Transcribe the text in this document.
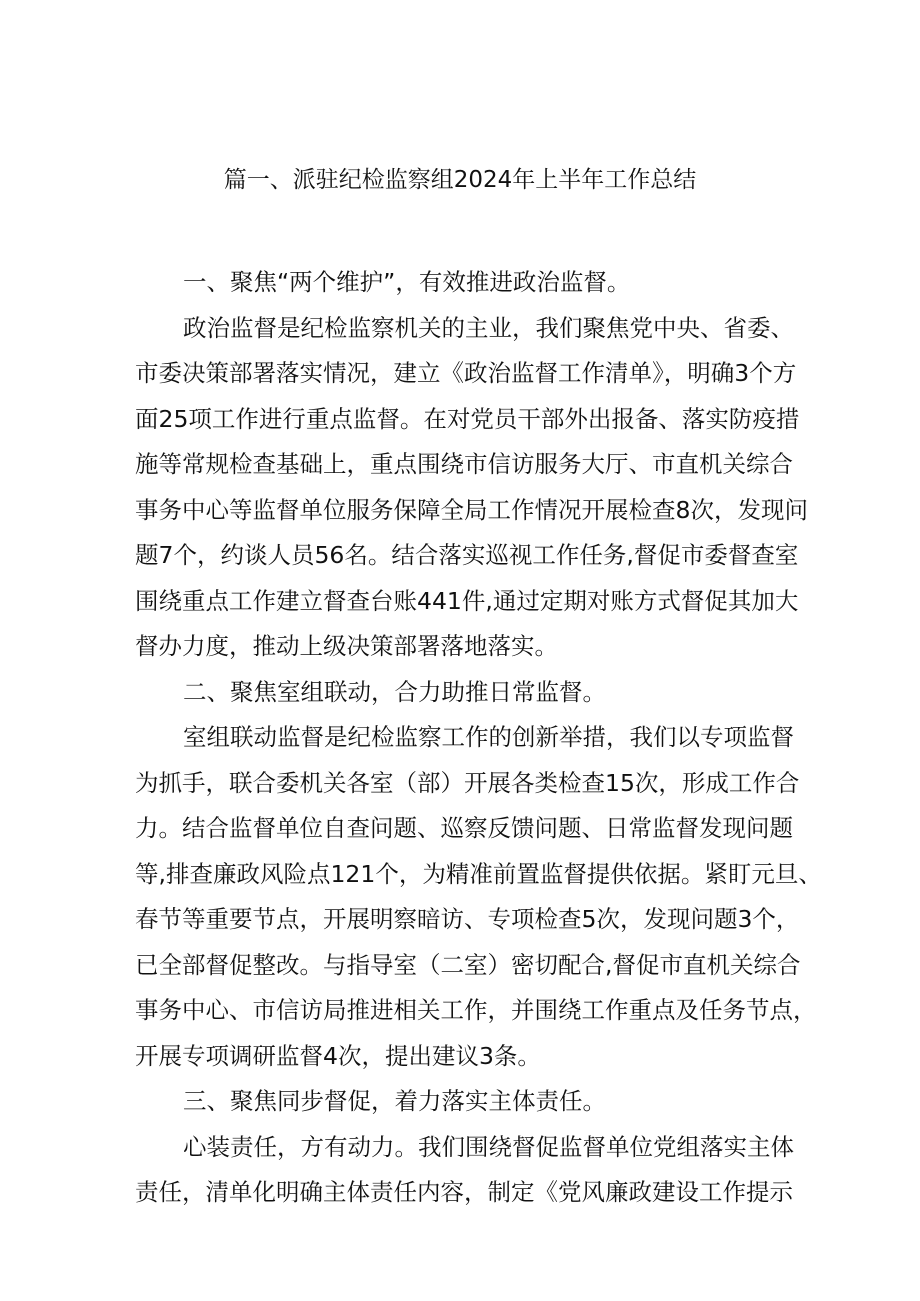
篇一、派驻纪检监察组2024年上半年工作总结
一、聚焦“两个维护”，有效推进政治监督。
政治监督是纪检监察机关的主业，我们聚焦党中央、省委、
市委决策部署落实情况，建立《政治监督工作清单》，明确3个方
面25项工作进行重点监督。在对党员干部外出报备、落实防疫措
施等常规检查基础上，重点围绕市信访服务大厅、市直机关综合
事务中心等监督单位服务保障全局工作情况开展检查8次，发现问
题7个，约谈人员56名。结合落实巡视工作任务,督促市委督查室
围绕重点工作建立督查台账441件,通过定期对账方式督促其加大
督办力度，推动上级决策部署落地落实。
二、聚焦室组联动，合力助推日常监督。
室组联动监督是纪检监察工作的创新举措，我们以专项监督
为抓手，联合委机关各室（部）开展各类检查15次，形成工作合
力。结合监督单位自查问题、巡察反馈问题、日常监督发现问题
等,排查廉政风险点121个，为精准前置监督提供依据。紧盯元旦、
春节等重要节点，开展明察暗访、专项检查5次，发现问题3个，
已全部督促整改。与指导室（二室）密切配合,督促市直机关综合
事务中心、市信访局推进相关工作，并围绕工作重点及任务节点，
开展专项调研监督4次，提出建议3条。
三、聚焦同步督促，着力落实主体责任。
心装责任，方有动力。我们围绕督促监督单位党组落实主体
责任，清单化明确主体责任内容，制定《党风廉政建设工作提示
